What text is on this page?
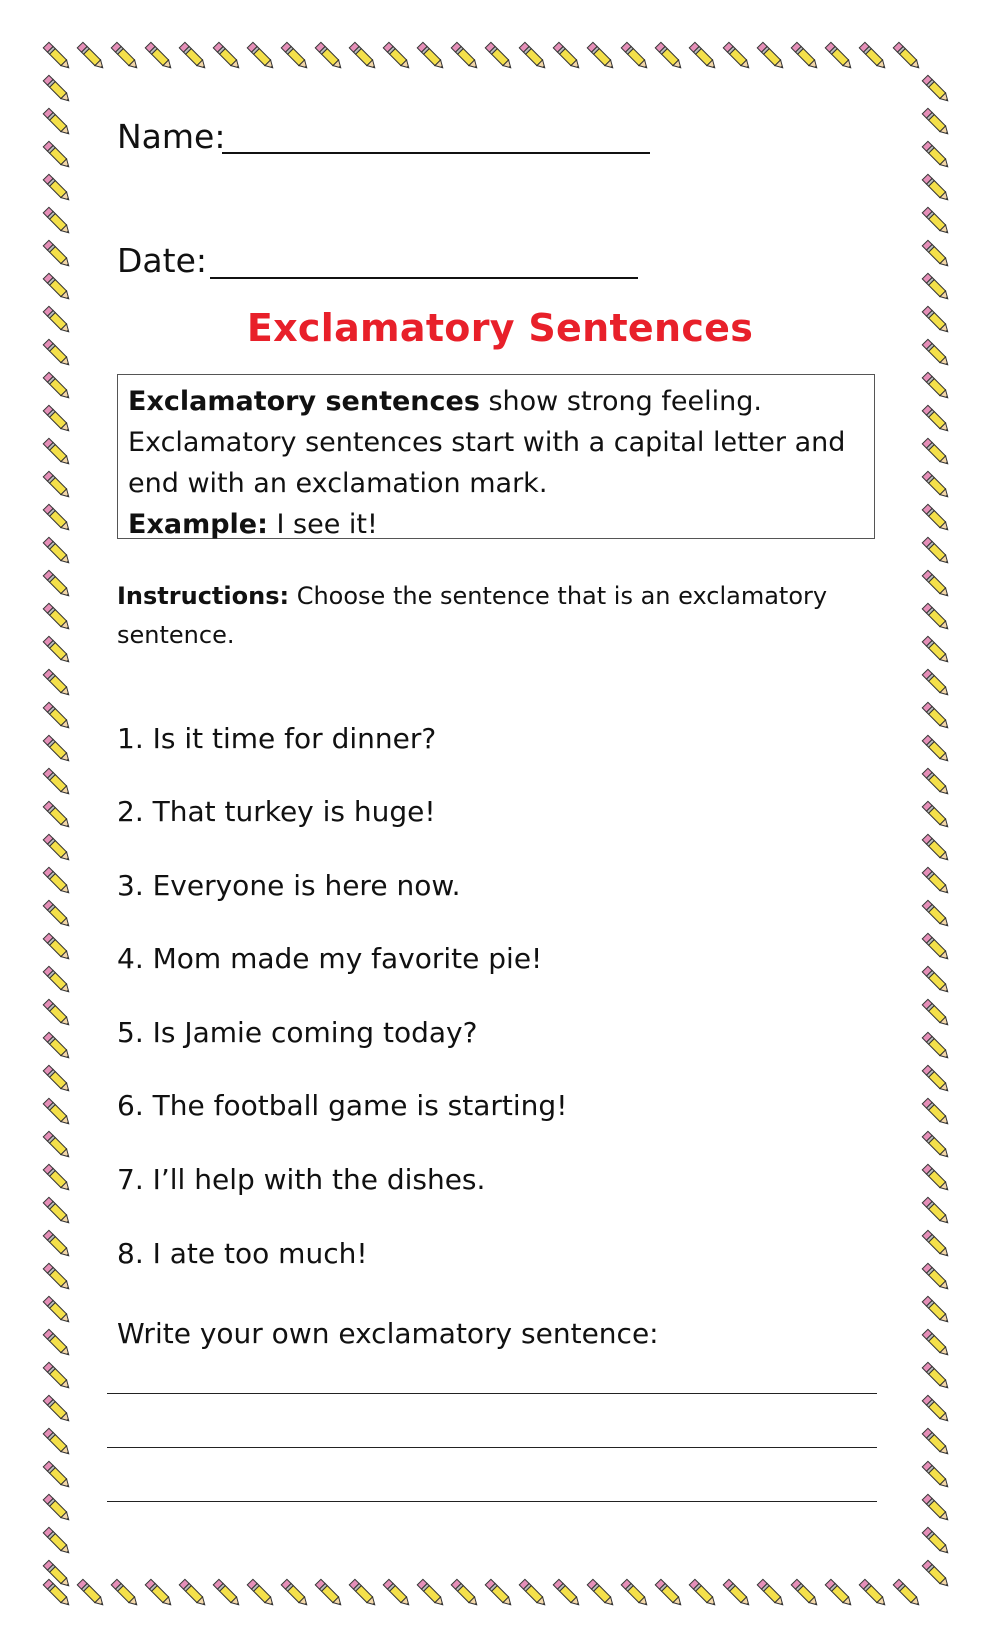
Name:
Date:
Exclamatory Sentences
Exclamatory sentences show strong feeling.
Exclamatory sentences start with a capital letter and
end with an exclamation mark.
Example: I see it!
Instructions: Choose the sentence that is an exclamatory sentence.
1. Is it time for dinner?
2. That turkey is huge!
3. Everyone is here now.
4. Mom made my favorite pie!
5. Is Jamie coming today?
6. The football game is starting!
7. I’ll help with the dishes.
8. I ate too much!
Write your own exclamatory sentence:
